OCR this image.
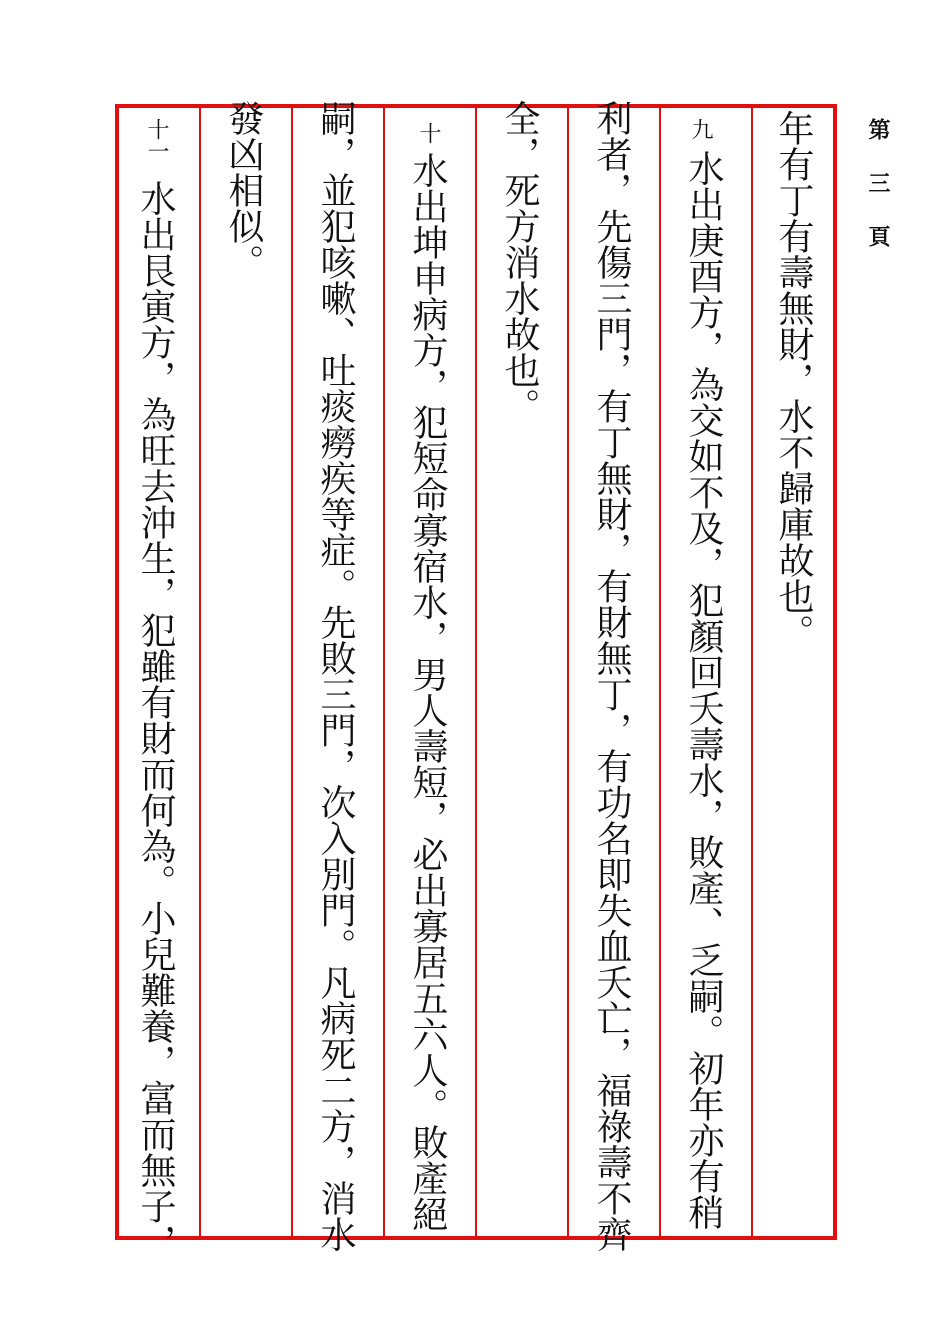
第 三 頁
年有丁有壽無財，水不歸庫故也。
九
水出庚酉方，為交如不及，犯顏回夭壽水，敗產、乏嗣。初年亦有稍
利者，先傷三門，有丁無財，有財無丁，有功名即失血夭亡，福祿壽不齊
全，死方消水故也。
十
水出坤申病方，犯短命寡宿水，男人壽短，必出寡居五六人。敗產絕
嗣，並犯咳嗽、吐痰癆疾等症。先敗三門，次入別門。凡病死二方，消水
發凶相似。
十一
水出艮寅方，為旺去沖生，犯雖有財而何為。小兒難養，富而無子，
